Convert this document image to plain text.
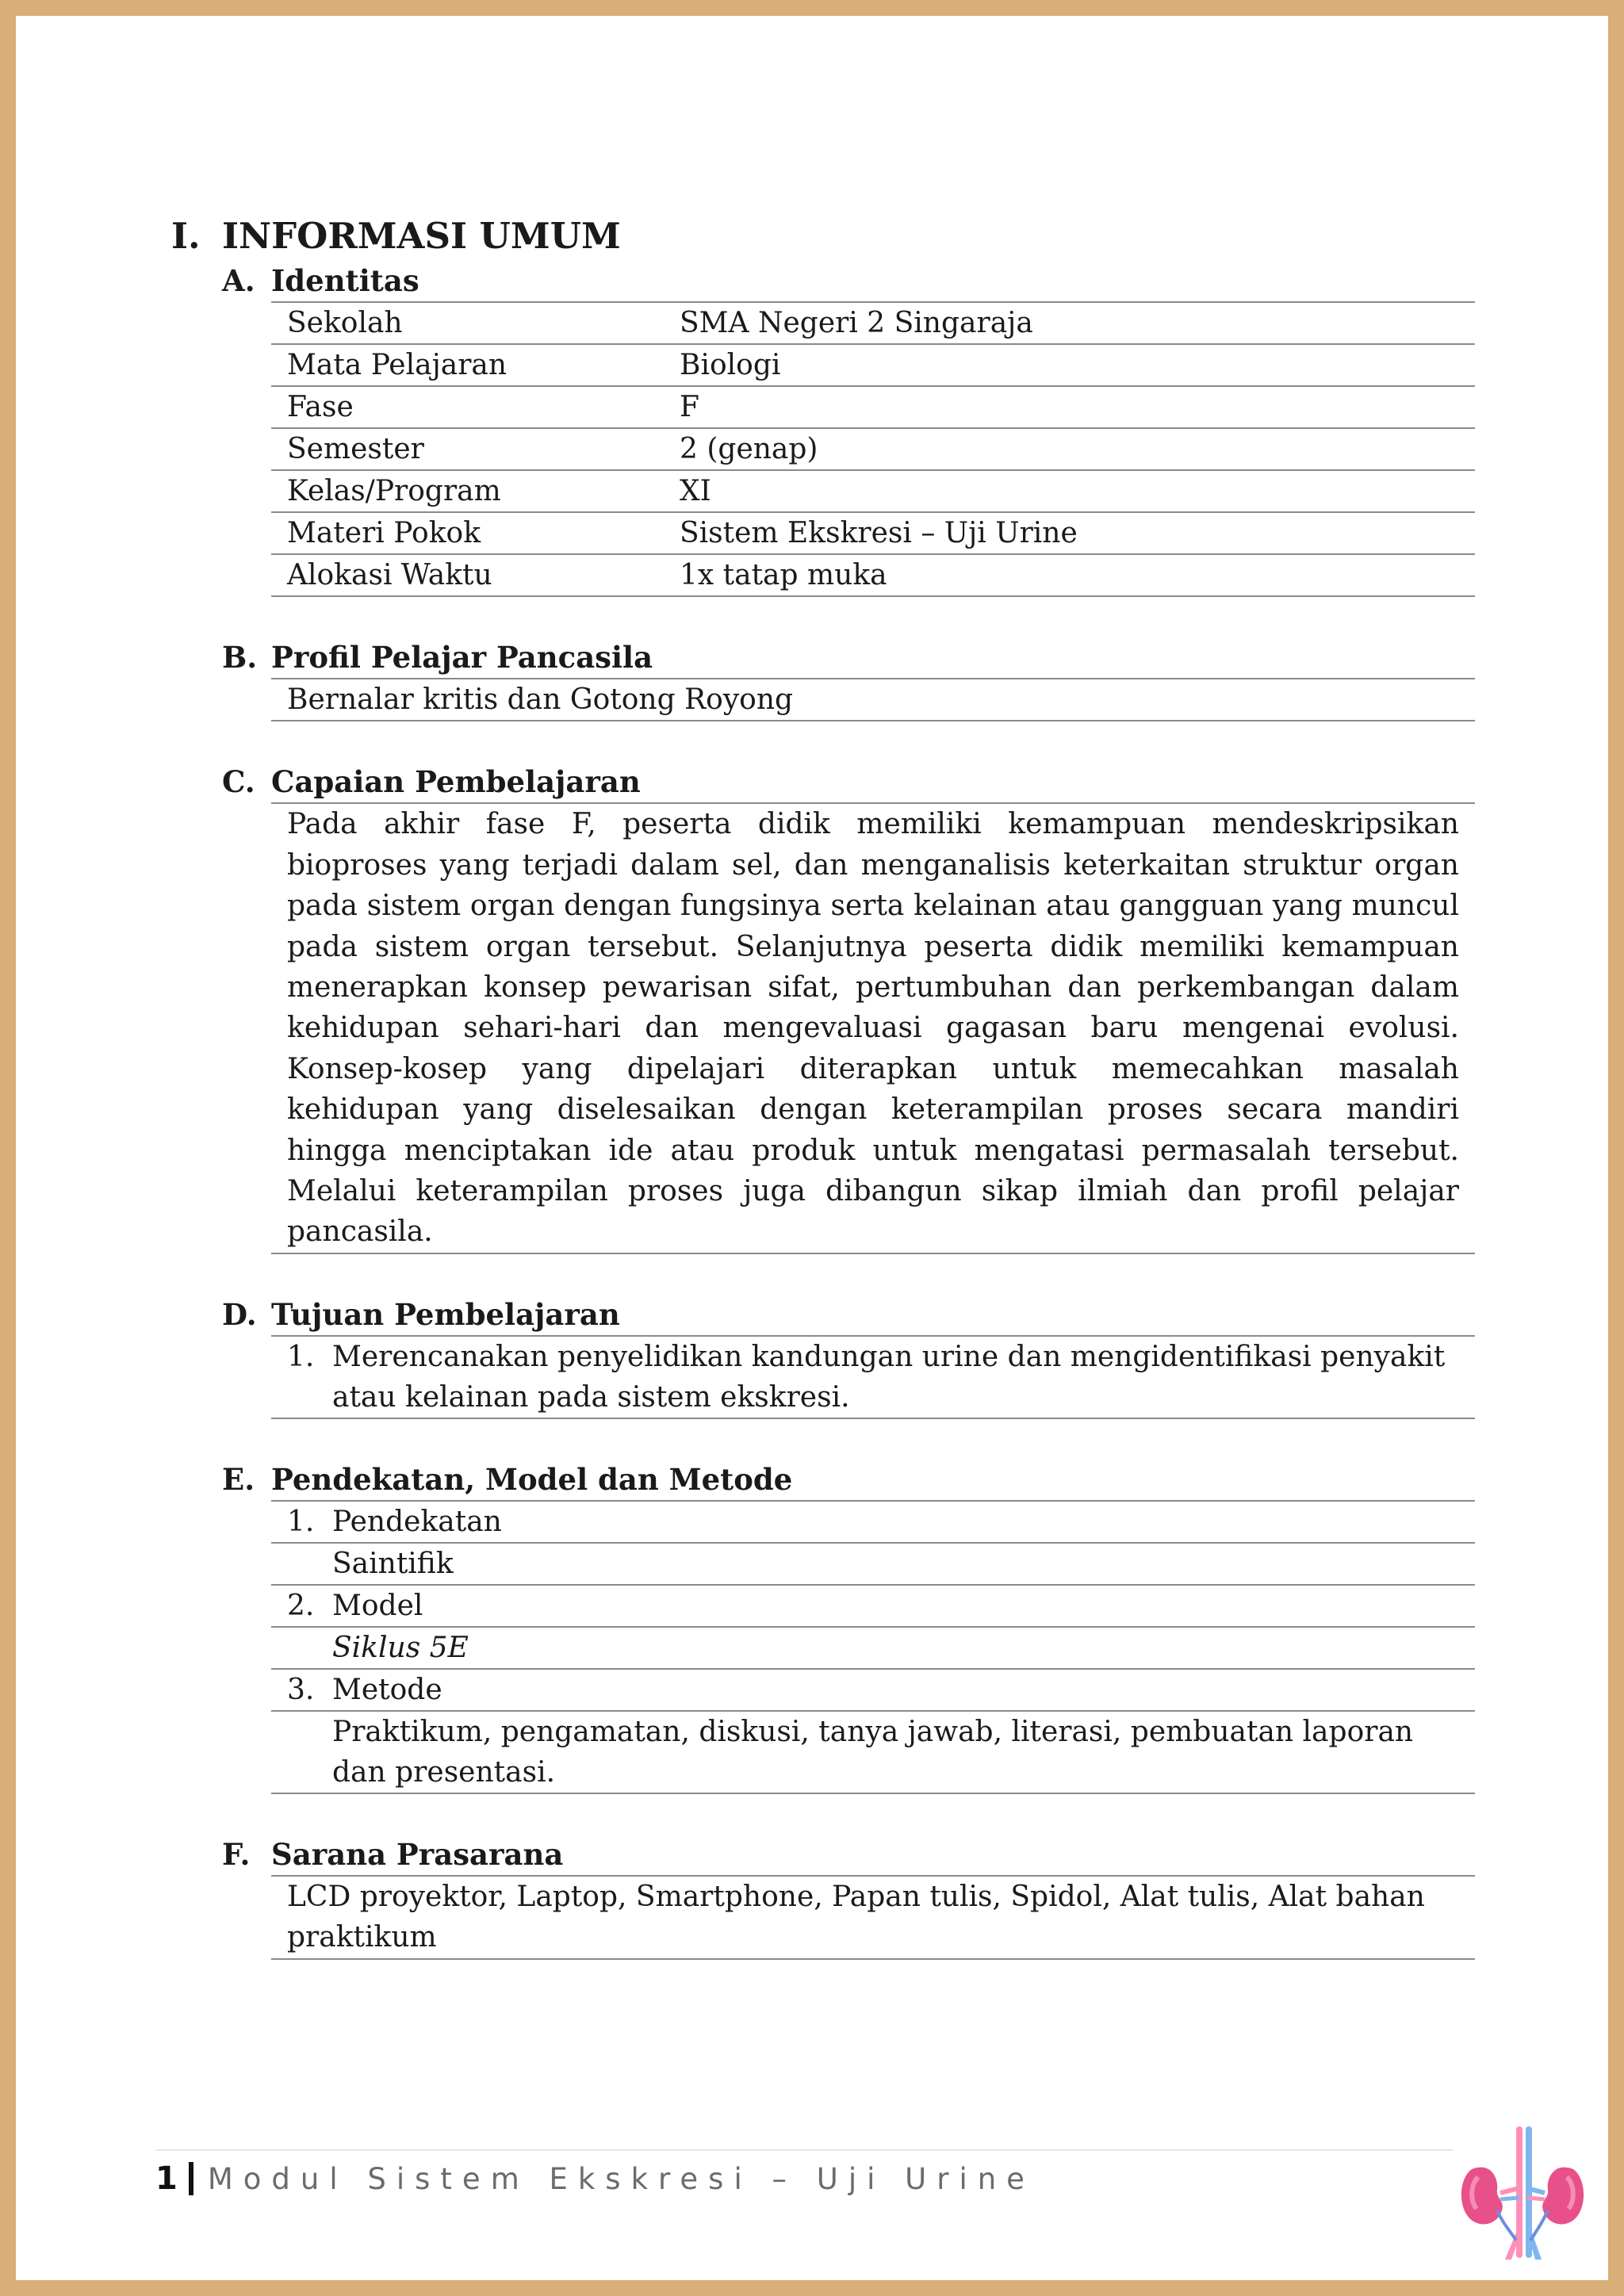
I. INFORMASI UMUM
A. Identitas
Sekolah	SMA Negeri 2 Singaraja
Mata Pelajaran	Biologi
Fase	F
Semester	2 (genap)
Kelas/Program	XI
Materi Pokok	Sistem Ekskresi – Uji Urine
Alokasi Waktu	1x tatap muka
B. Profil Pelajar Pancasila
Bernalar kritis dan Gotong Royong
C. Capaian Pembelajaran
Pada akhir fase F, peserta didik memiliki kemampuan mendeskripsikan bioproses yang terjadi dalam sel, dan menganalisis keterkaitan struktur organ pada sistem organ dengan fungsinya serta kelainan atau gangguan yang muncul pada sistem organ tersebut. Selanjutnya peserta didik memiliki kemampuan menerapkan konsep pewarisan sifat, pertumbuhan dan perkembangan dalam kehidupan sehari-hari dan mengevaluasi gagasan baru mengenai evolusi. Konsep-kosep yang dipelajari diterapkan untuk memecahkan masalah kehidupan yang diselesaikan dengan keterampilan proses secara mandiri hingga menciptakan ide atau produk untuk mengatasi permasalah tersebut. Melalui keterampilan proses juga dibangun sikap ilmiah dan profil pelajar pancasila.
D. Tujuan Pembelajaran
1. Merencanakan penyelidikan kandungan urine dan mengidentifikasi penyakit atau kelainan pada sistem ekskresi.
E. Pendekatan, Model dan Metode
1. Pendekatan
Saintifik
2. Model
Siklus 5E
3. Metode
Praktikum, pengamatan, diskusi, tanya jawab, literasi, pembuatan laporan dan presentasi.
F. Sarana Prasarana
LCD proyektor, Laptop, Smartphone, Papan tulis, Spidol, Alat tulis, Alat bahan praktikum
1 Modul Sistem Ekskresi – Uji Urine
